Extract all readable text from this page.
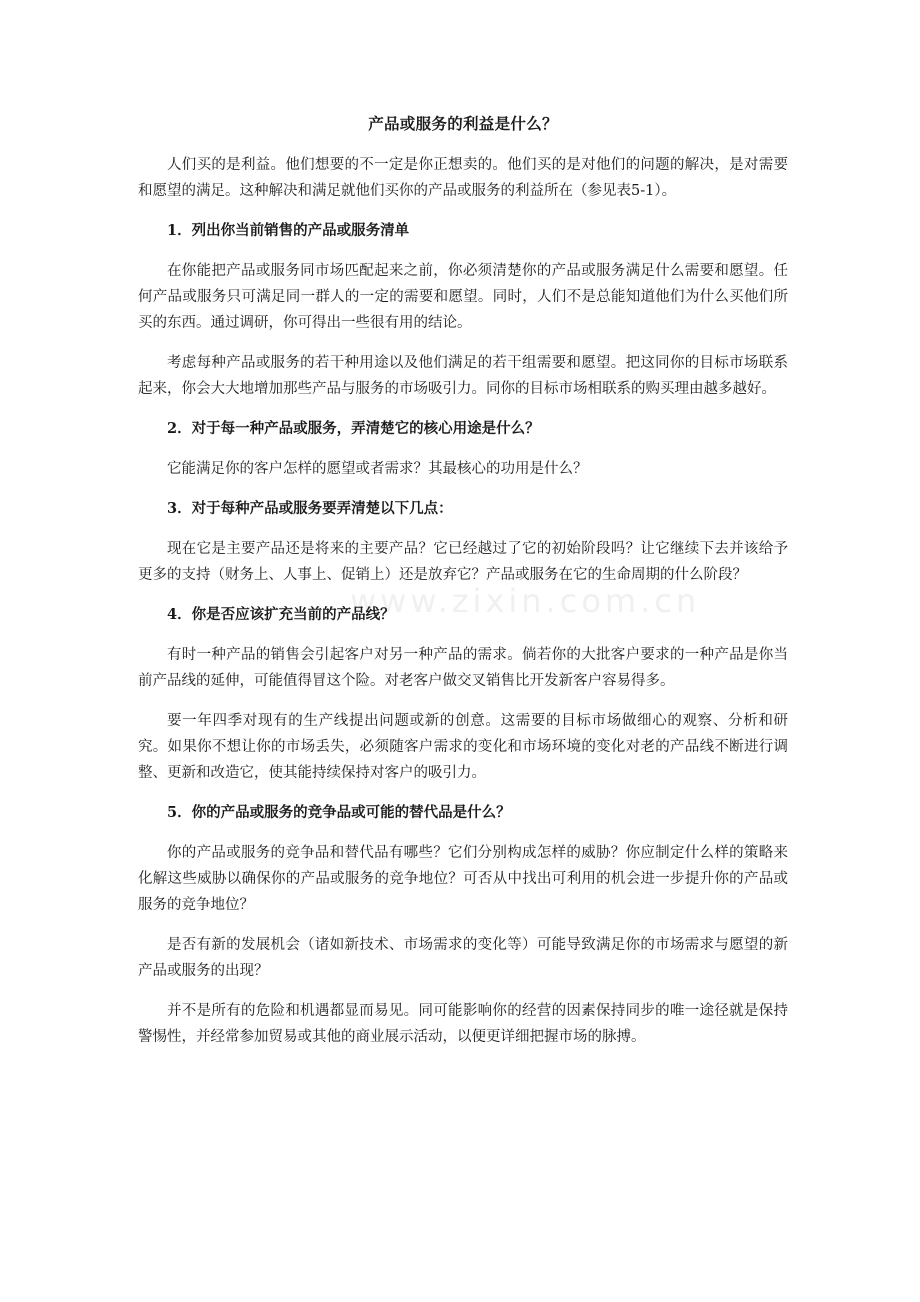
www.zixin.com.cn
产品或服务的利益是什么？
人们买的是利益。他们想要的不一定是你正想卖的。他们买的是对他们的问题的解决，是对需要和愿望的满足。这种解决和满足就他们买你的产品或服务的利益所在（参见表5-1）。
1．列出你当前销售的产品或服务清单
在你能把产品或服务同市场匹配起来之前，你必须清楚你的产品或服务满足什么需要和愿望。任何产品或服务只可满足同一群人的一定的需要和愿望。同时，人们不是总能知道他们为什么买他们所买的东西。通过调研，你可得出一些很有用的结论。
考虑每种产品或服务的若干种用途以及他们满足的若干组需要和愿望。把这同你的目标市场联系起来，你会大大地增加那些产品与服务的市场吸引力。同你的目标市场相联系的购买理由越多越好。
2．对于每一种产品或服务，弄清楚它的核心用途是什么？
它能满足你的客户怎样的愿望或者需求？其最核心的功用是什么？
3．对于每种产品或服务要弄清楚以下几点：
现在它是主要产品还是将来的主要产品？它已经越过了它的初始阶段吗？让它继续下去并该给予更多的支持（财务上、人事上、促销上）还是放弃它？产品或服务在它的生命周期的什么阶段？
4．你是否应该扩充当前的产品线？
有时一种产品的销售会引起客户对另一种产品的需求。倘若你的大批客户要求的一种产品是你当前产品线的延伸，可能值得冒这个险。对老客户做交叉销售比开发新客户容易得多。
要一年四季对现有的生产线提出问题或新的创意。这需要的目标市场做细心的观察、分析和研究。如果你不想让你的市场丢失，必须随客户需求的变化和市场环境的变化对老的产品线不断进行调整、更新和改造它，使其能持续保持对客户的吸引力。
5．你的产品或服务的竞争品或可能的替代品是什么？
你的产品或服务的竞争品和替代品有哪些？它们分别构成怎样的威胁？你应制定什么样的策略来化解这些威胁以确保你的产品或服务的竞争地位？可否从中找出可利用的机会进一步提升你的产品或服务的竞争地位？
是否有新的发展机会（诸如新技术、市场需求的变化等）可能导致满足你的市场需求与愿望的新产品或服务的出现？
并不是所有的危险和机遇都显而易见。同可能影响你的经营的因素保持同步的唯一途径就是保持警惕性，并经常参加贸易或其他的商业展示活动，以便更详细把握市场的脉搏。
